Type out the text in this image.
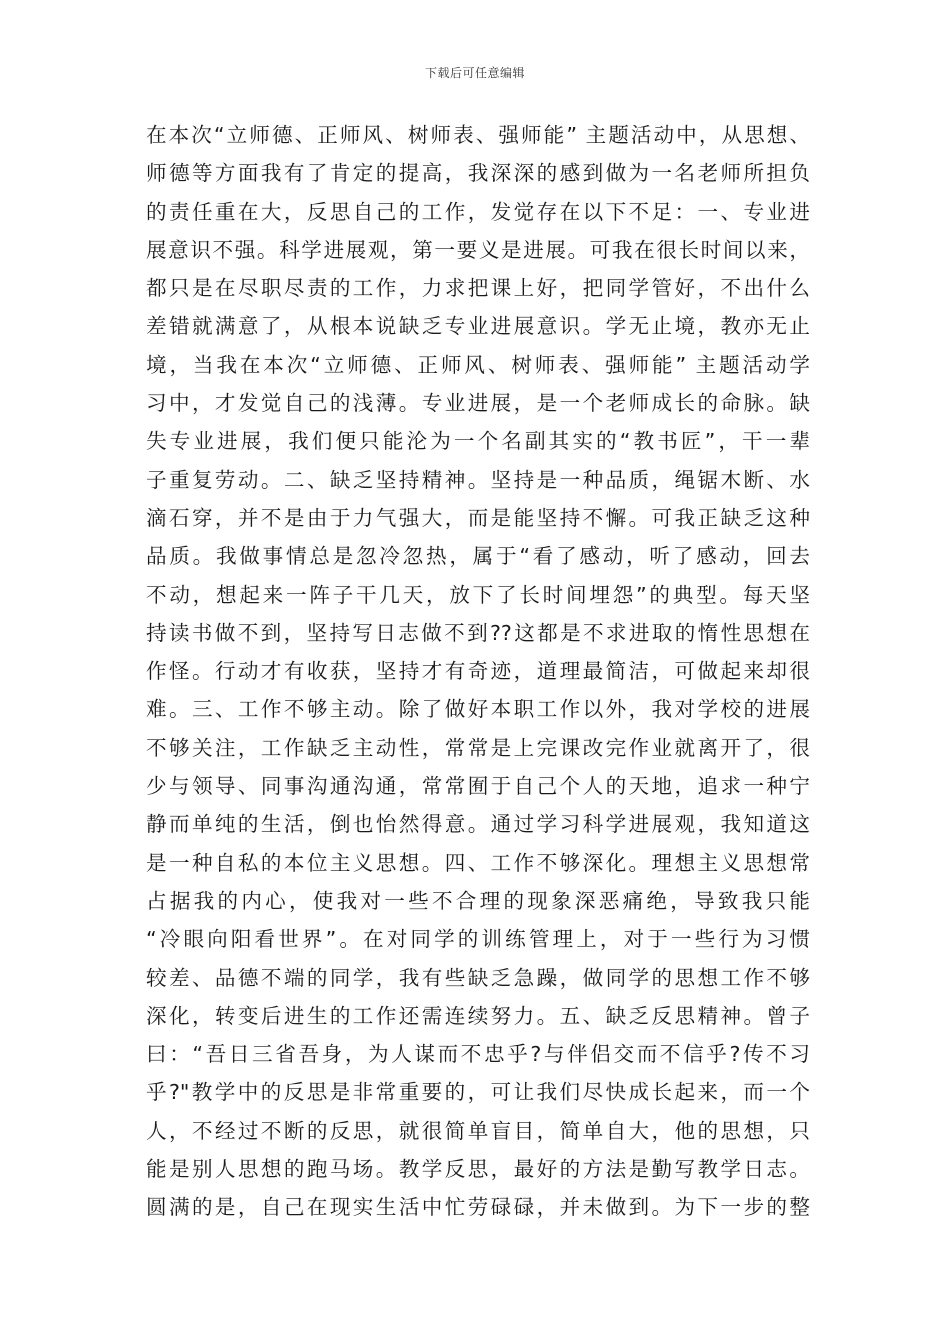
下载后可任意编辑
在本次“立师德、正师风、树师表、强师能” 主题活动中，从思想、
师德等方面我有了肯定的提高，我深深的感到做为一名老师所担负
的责任重在大，反思自己的工作，发觉存在以下不足：一、专业进
展意识不强。科学进展观，第一要义是进展。可我在很长时间以来，
都只是在尽职尽责的工作，力求把课上好，把同学管好，不出什么
差错就满意了，从根本说缺乏专业进展意识。学无止境，教亦无止
境，当我在本次“立师德、正师风、树师表、强师能” 主题活动学
习中，才发觉自己的浅薄。专业进展，是一个老师成长的命脉。缺
失专业进展，我们便只能沦为一个名副其实的“教书匠”，干一辈
子重复劳动。二、缺乏坚持精神。坚持是一种品质，绳锯木断、水
滴石穿，并不是由于力气强大，而是能坚持不懈。可我正缺乏这种
品质。我做事情总是忽冷忽热，属于“看了感动，听了感动，回去
不动，想起来一阵子干几天，放下了长时间埋怨”的典型。每天坚
持读书做不到，坚持写日志做不到??这都是不求进取的惰性思想在
作怪。行动才有收获，坚持才有奇迹，道理最简洁，可做起来却很
难。三、工作不够主动。除了做好本职工作以外，我对学校的进展
不够关注，工作缺乏主动性，常常是上完课改完作业就离开了，很
少与领导、同事沟通沟通，常常囿于自己个人的天地，追求一种宁
静而单纯的生活，倒也怡然得意。通过学习科学进展观，我知道这
是一种自私的本位主义思想。四、工作不够深化。理想主义思想常
占据我的内心，使我对一些不合理的现象深恶痛绝，导致我只能
“冷眼向阳看世界”。在对同学的训练管理上，对于一些行为习惯
较差、品德不端的同学，我有些缺乏急躁，做同学的思想工作不够
深化，转变后进生的工作还需连续努力。五、缺乏反思精神。曾子
曰：“吾日三省吾身，为人谋而不忠乎?与伴侣交而不信乎?传不习
乎?"教学中的反思是非常重要的，可让我们尽快成长起来，而一个
人，不经过不断的反思，就很简单盲目，简单自大，他的思想，只
能是别人思想的跑马场。教学反思，最好的方法是勤写教学日志。
圆满的是，自己在现实生活中忙劳碌碌，并未做到。为下一步的整
